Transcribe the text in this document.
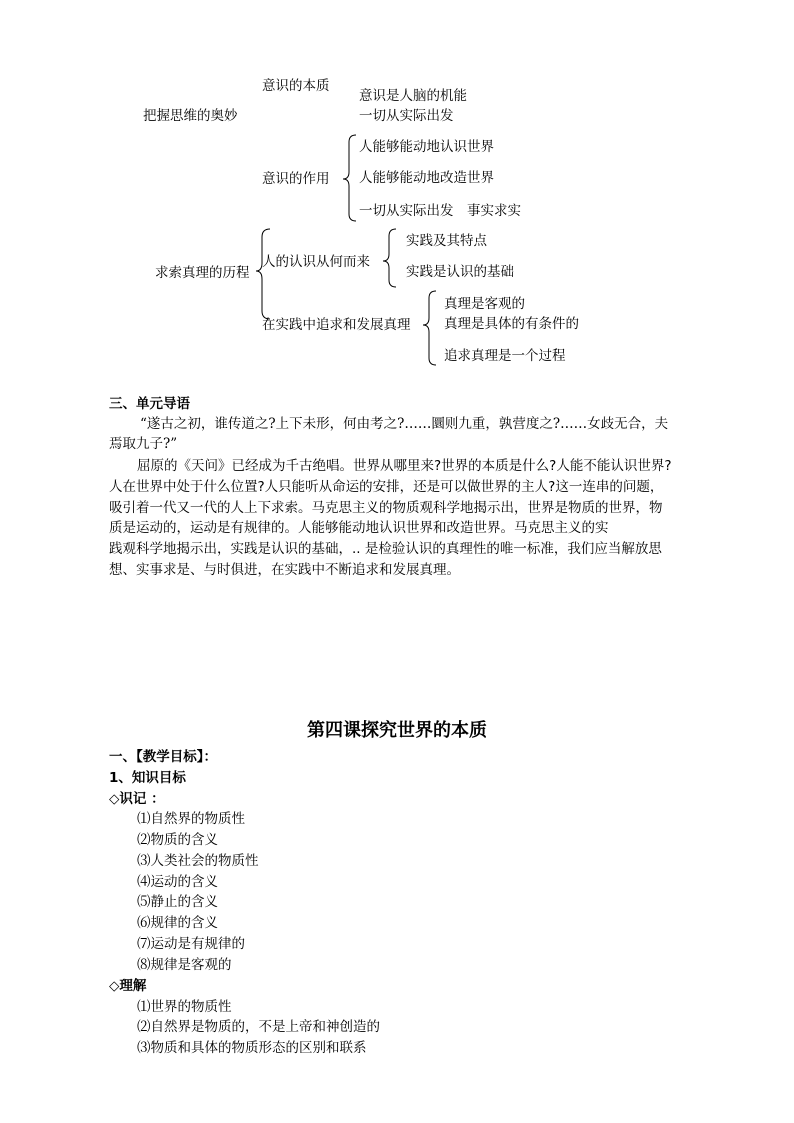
意识的本质
意识是人脑的机能
把握思维的奥妙	一切从实际出发
人能够能动地认识世界
意识的作用 人能够能动地改造世界
一切从实际出发　事实求实
实践及其特点
人的认识从何而来
求索真理的历程	实践是认识的基础
真理是客观的
在实践中追求和发展真理 真理是具体的有条件的
追求真理是一个过程
三、单元导语
“遂古之初，谁传道之?上下未形，何由考之?……圜则九重，孰营度之?……女歧无合，夫
焉取九子?”
屈原的《天问》已经成为千古绝唱。世界从哪里来?世界的本质是什么?人能不能认识世界?
人在世界中处于什么位置?人只能听从命运的安排，还是可以做世界的主人?这一连串的问题，
吸引着一代又一代的人上下求索。马克思主义的物质观科学地揭示出，世界是物质的世界，物
质是运动的，运动是有规律的。人能够能动地认识世界和改造世界。马克思主义的实
践观科学地揭示出，实践是认识的基础，.. 是检验认识的真理性的唯一标准，我们应当解放思
想、实事求是、与时俱进，在实践中不断追求和发展真理。
第四课探究世界的本质
一、【教学目标】：
1、知识目标
◇识记 ：
⑴自然界的物质性
⑵物质的含义
⑶人类社会的物质性
⑷运动的含义
⑸静止的含义
⑹规律的含义
⑺运动是有规律的
⑻规律是客观的
◇理解
⑴世界的物质性
⑵自然界是物质的，不是上帝和神创造的
⑶物质和具体的物质形态的区别和联系
